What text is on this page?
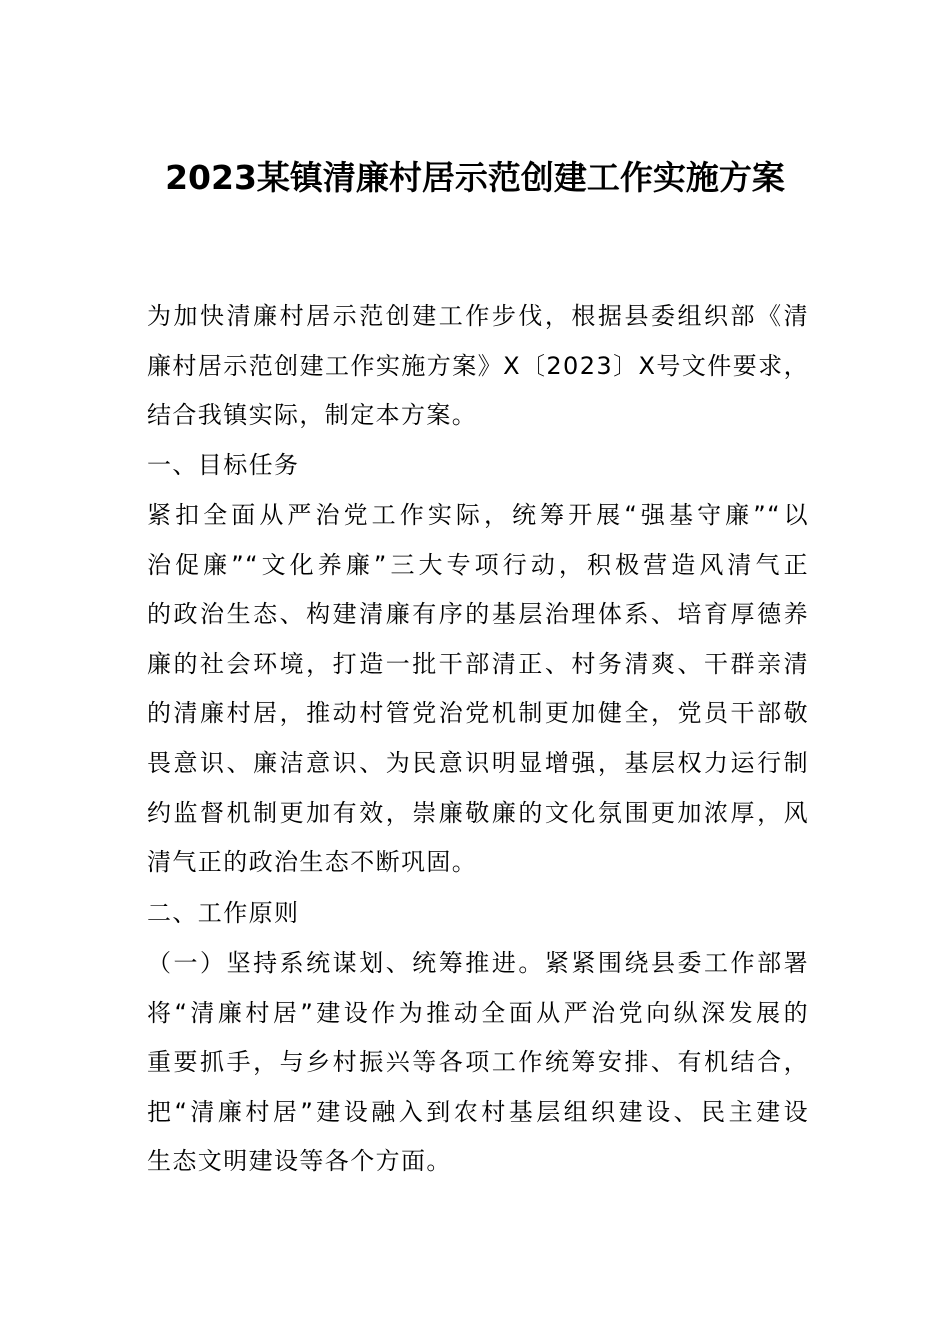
2023某镇清廉村居示范创建工作实施方案
为加快清廉村居示范创建工作步伐，根据县委组织部《清
廉村居示范创建工作实施方案》X〔2023〕X号文件要求，
结合我镇实际，制定本方案。
一、目标任务
紧扣全面从严治党工作实际，统筹开展“强基守廉”“以
治促廉”“文化养廉”三大专项行动，积极营造风清气正
的政治生态、构建清廉有序的基层治理体系、培育厚德养
廉的社会环境，打造一批干部清正、村务清爽、干群亲清
的清廉村居，推动村管党治党机制更加健全，党员干部敬
畏意识、廉洁意识、为民意识明显增强，基层权力运行制
约监督机制更加有效，崇廉敬廉的文化氛围更加浓厚，风
清气正的政治生态不断巩固。
二、工作原则
（一）坚持系统谋划、统筹推进。紧紧围绕县委工作部署
将“清廉村居”建设作为推动全面从严治党向纵深发展的
重要抓手，与乡村振兴等各项工作统筹安排、有机结合，
把“清廉村居”建设融入到农村基层组织建设、民主建设
生态文明建设等各个方面。
